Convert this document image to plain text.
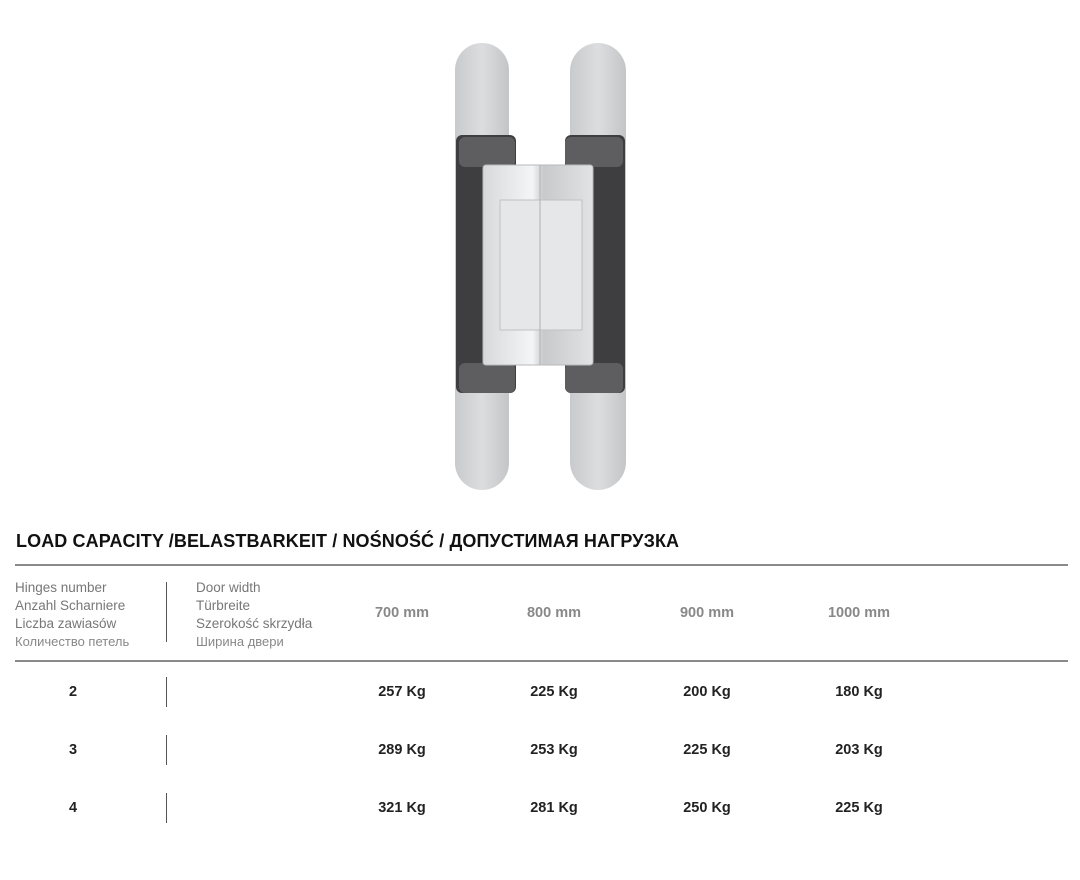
LOAD CAPACITY /BELASTBARKEIT / NOŚNOŚĆ / ДОПУСТИМАЯ НАГРУЗКА
Hinges number
Anzahl Scharniere
Liczba zawiasów
Количество петель
Door width
Türbreite
Szerokość skrzydła
Ширина двери
700 mm	800 mm	900 mm	1000 mm
2	257 Kg	225 Kg	200 Kg	180 Kg
3	289 Kg	253 Kg	225 Kg	203 Kg
4	321 Kg	281 Kg	250 Kg	225 Kg
